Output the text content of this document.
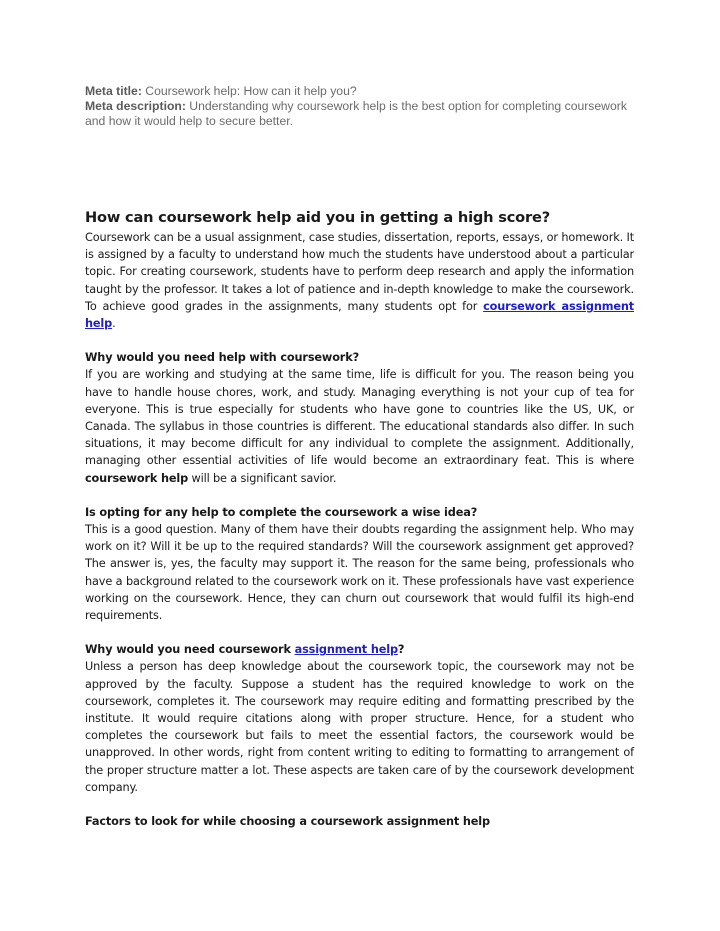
Meta title: Coursework help: How can it help you?
Meta description: Understanding why coursework help is the best option for completing coursework and how it would help to secure better.
How can coursework help aid you in getting a high score?

Coursework can be a usual assignment, case studies, dissertation, reports, essays, or homework. It is assigned by a faculty to understand how much the students have understood about a particular topic. For creating coursework, students have to perform deep research and apply the information taught by the professor. It takes a lot of patience and in-depth knowledge to make the coursework. To achieve good grades in the assignments, many students opt for coursework assignment help.

Why would you need help with coursework?

If you are working and studying at the same time, life is difficult for you. The reason being you have to handle house chores, work, and study. Managing everything is not your cup of tea for everyone. This is true especially for students who have gone to countries like the US, UK, or Canada. The syllabus in those countries is different. The educational standards also differ. In such situations, it may become difficult for any individual to complete the assignment. Additionally, managing other essential activities of life would become an extraordinary feat. This is where coursework help will be a significant savior.

Is opting for any help to complete the coursework a wise idea?

This is a good question. Many of them have their doubts regarding the assignment help. Who may work on it? Will it be up to the required standards? Will the coursework assignment get approved? The answer is, yes, the faculty may support it. The reason for the same being, professionals who have a background related to the coursework work on it. These professionals have vast experience working on the coursework. Hence, they can churn out coursework that would fulfil its high-end requirements.

Why would you need coursework assignment help?

Unless a person has deep knowledge about the coursework topic, the coursework may not be approved by the faculty. Suppose a student has the required knowledge to work on the coursework, completes it. The coursework may require editing and formatting prescribed by the institute. It would require citations along with proper structure. Hence, for a student who completes the coursework but fails to meet the essential factors, the coursework would be unapproved. In other words, right from content writing to editing to formatting to arrangement of the proper structure matter a lot. These aspects are taken care of by the coursework development company.

Factors to look for while choosing a coursework assignment help
